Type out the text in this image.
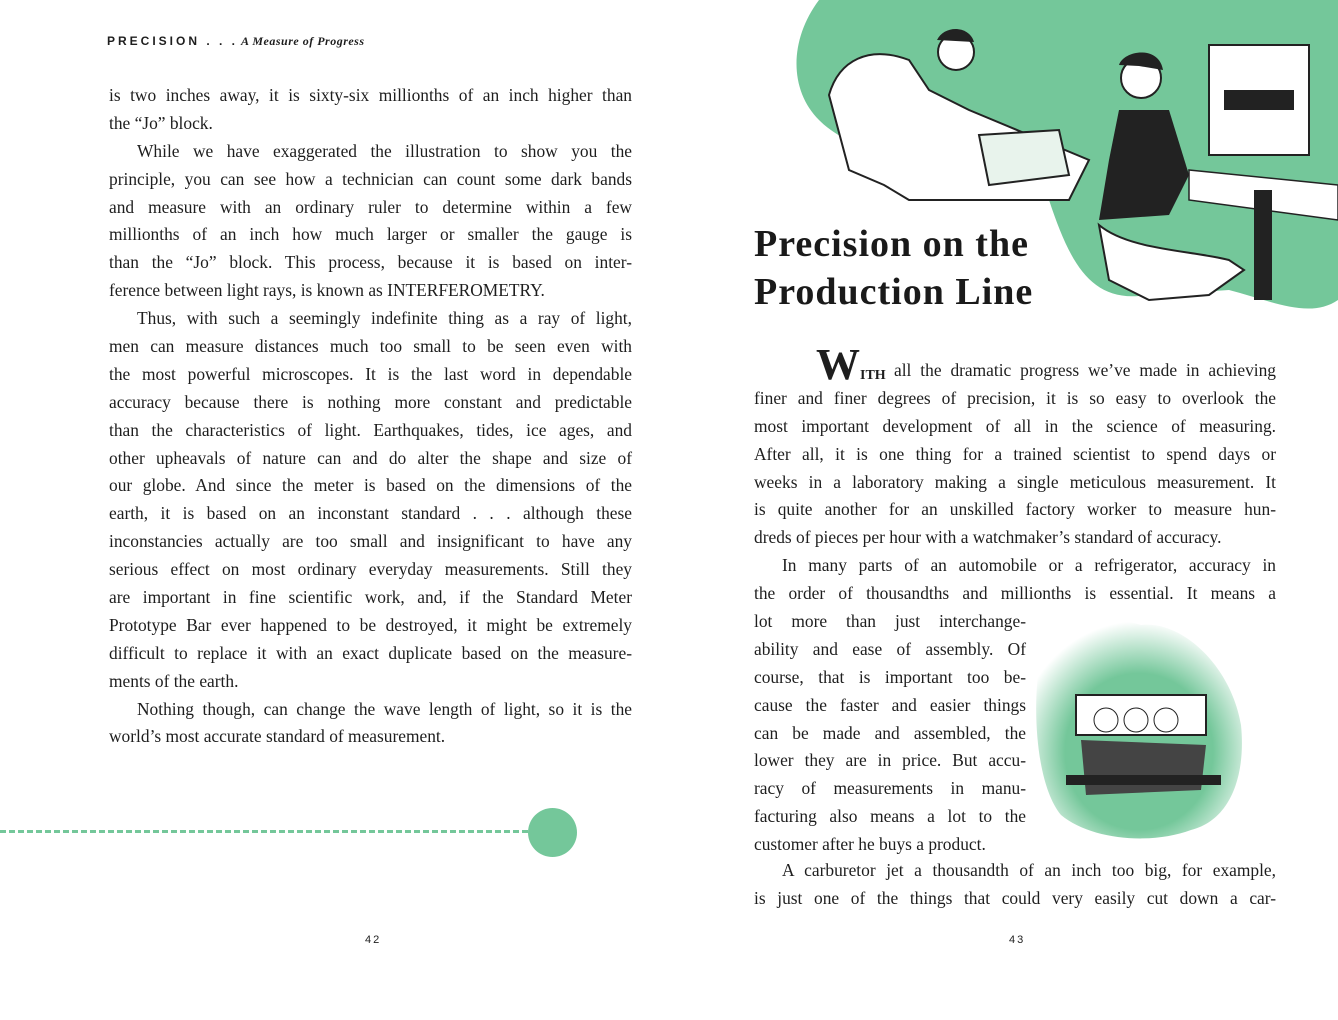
PRECISION . . . A Measure of Progress
is two inches away, it is sixty-six millionths of an inch higher than
the “Jo” block.
While we have exaggerated the illustration to show you the
principle, you can see how a technician can count some dark bands
and measure with an ordinary ruler to determine within a few
millionths of an inch how much larger or smaller the gauge is
than the “Jo” block. This process, because it is based on inter-
ference between light rays, is known as INTERFEROMETRY.
Thus, with such a seemingly indefinite thing as a ray of light,
men can measure distances much too small to be seen even with
the most powerful microscopes. It is the last word in dependable
accuracy because there is nothing more constant and predictable
than the characteristics of light. Earthquakes, tides, ice ages, and
other upheavals of nature can and do alter the shape and size of
our globe. And since the meter is based on the dimensions of the
earth, it is based on an inconstant standard . . . although these
inconstancies actually are too small and insignificant to have any
serious effect on most ordinary everyday measurements. Still they
are important in fine scientific work, and, if the Standard Meter
Prototype Bar ever happened to be destroyed, it might be extremely
difficult to replace it with an exact duplicate based on the measure-
ments of the earth.
Nothing though, can change the wave length of light, so it is the
world’s most accurate standard of measurement.
42
Precision on the
Production Line
WITH all the dramatic progress we’ve made in achieving
finer and finer degrees of precision, it is so easy to overlook the
most important development of all in the science of measuring.
After all, it is one thing for a trained scientist to spend days or
weeks in a laboratory making a single meticulous measurement. It
is quite another for an unskilled factory worker to measure hun-
dreds of pieces per hour with a watchmaker’s standard of accuracy.
In many parts of an automobile or a refrigerator, accuracy in
the order of thousandths and millionths is essential. It means a
lot more than just interchange-
ability and ease of assembly. Of
course, that is important too be-
cause the faster and easier things
can be made and assembled, the
lower they are in price. But accu-
racy of measurements in manu-
facturing also means a lot to the
customer after he buys a product.
A carburetor jet a thousandth of an inch too big, for example,
is just one of the things that could very easily cut down a car-
43
